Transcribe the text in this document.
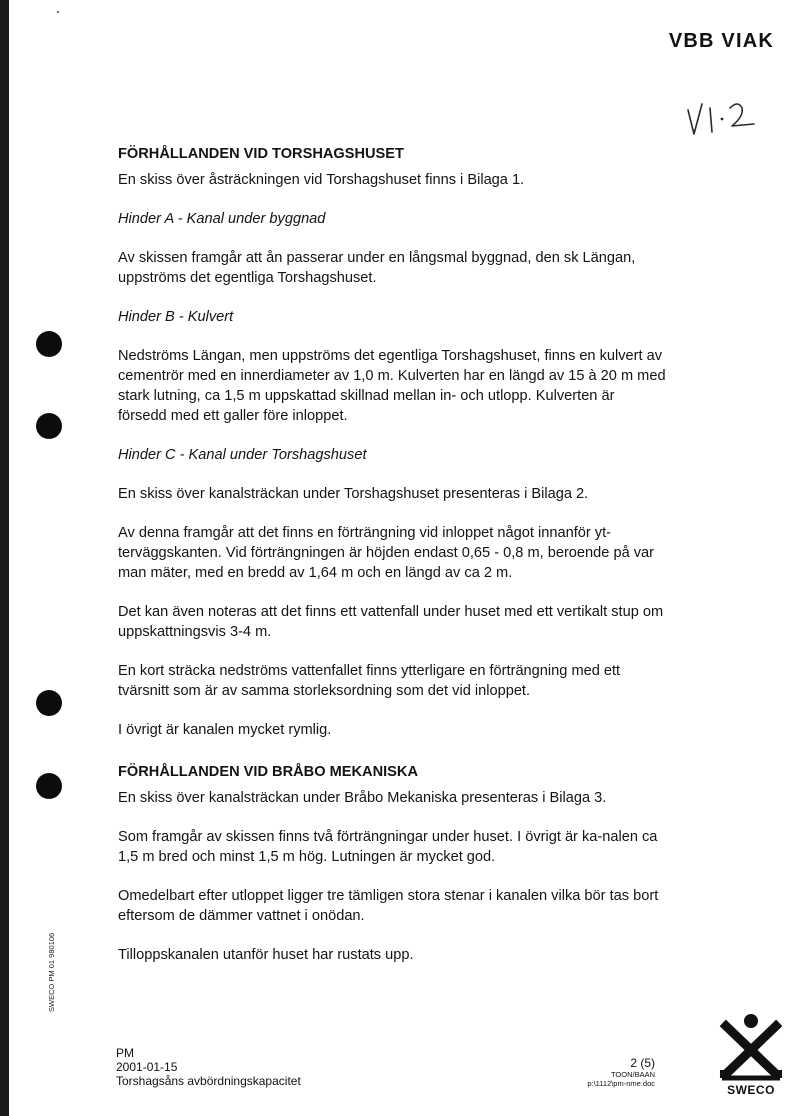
VBB VIAK
SWECO PM 01 980106
FÖRHÅLLANDEN VID TORSHAGSHUSET

En skiss över åsträckningen vid Torshagshuset finns i Bilaga 1.

Hinder A - Kanal under byggnad

Av skissen framgår att ån passerar under en långsmal byggnad, den sk Längan, uppströms det egentliga Torshagshuset.

Hinder B - Kulvert

Nedströms Längan, men uppströms det egentliga Torshagshuset, finns en kulvert av cementrör med en innerdiameter av 1,0 m. Kulverten har en längd av 15 à 20 m med stark lutning, ca 1,5 m uppskattad skillnad mellan in- och utlopp. Kulverten är försedd med ett galler före inloppet.

Hinder C - Kanal under Torshagshuset

En skiss över kanalsträckan under Torshagshuset presenteras i Bilaga 2.

Av denna framgår att det finns en förträngning vid inloppet något innanför yt-terväggskanten. Vid förträngningen är höjden endast 0,65 - 0,8 m, beroende på var man mäter, med en bredd av 1,64 m och en längd av ca 2 m.

Det kan även noteras att det finns ett vattenfall under huset med ett vertikalt stup om uppskattningsvis 3-4 m.

En kort sträcka nedströms vattenfallet finns ytterligare en förträngning med ett tvärsnitt som är av samma storleksordning som det vid inloppet.

I övrigt är kanalen mycket rymlig.

FÖRHÅLLANDEN VID BRÅBO MEKANISKA

En skiss över kanalsträckan under Bråbo Mekaniska presenteras i Bilaga 3.

Som framgår av skissen finns två förträngningar under huset. I övrigt är ka-nalen ca 1,5 m bred och minst 1,5 m hög. Lutningen är mycket god.

Omedelbart efter utloppet ligger tre tämligen stora stenar i kanalen vilka bör tas bort eftersom de dämmer vattnet i onödan.

Tilloppskanalen utanför huset har rustats upp.

PM
2001-01-15
Torshagsåns avbördningskapacitet
2 (5)
TOON/BAAN
p:\1112\pm-nme.doc	SWECO
